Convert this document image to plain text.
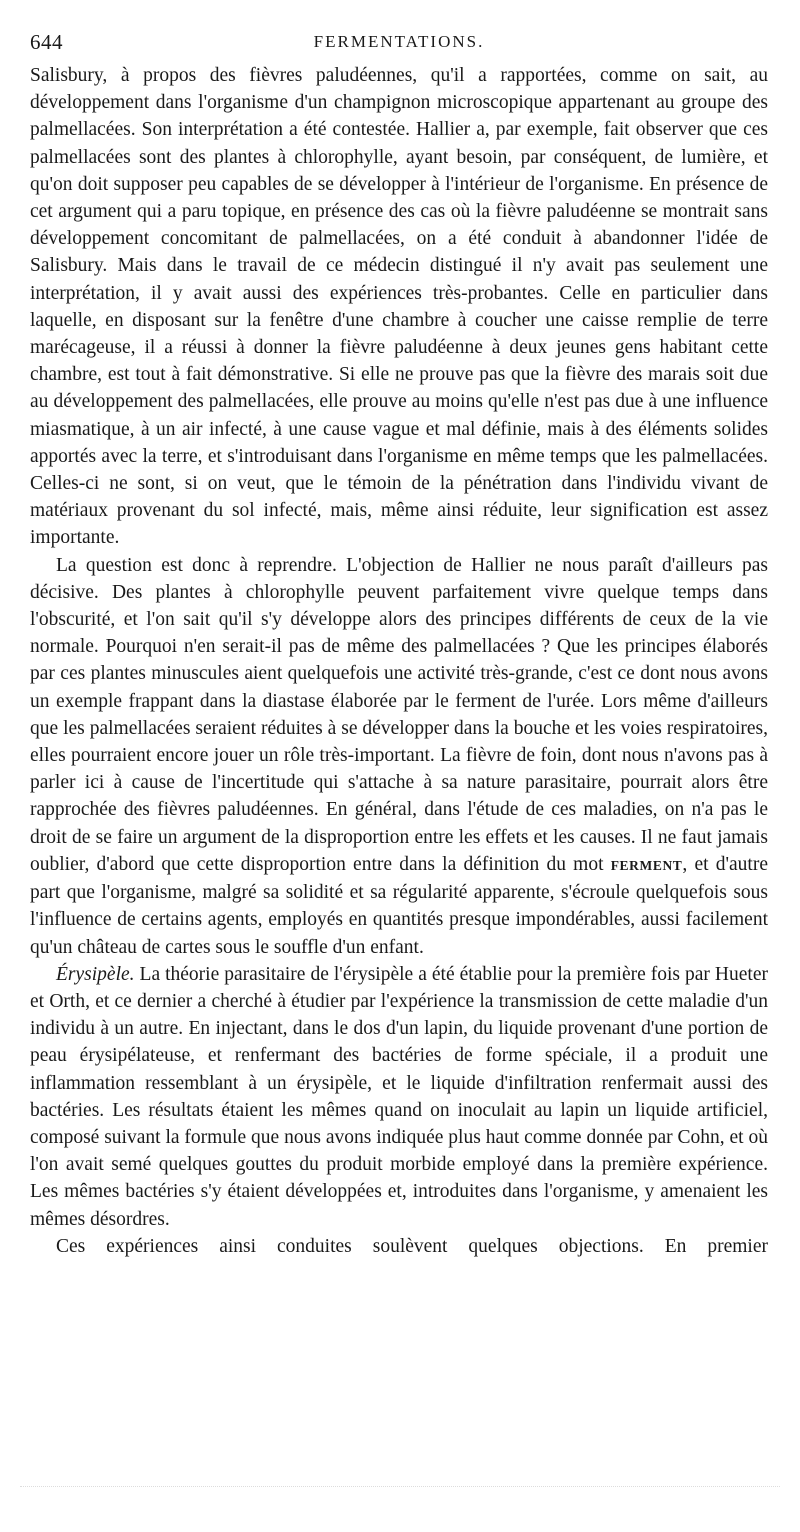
644	FERMENTATIONS.

Salisbury, à propos des fièvres paludéennes, qu'il a rapportées, comme on sait, au développement dans l'organisme d'un champignon microscopique appartenant au groupe des palmellacées. Son interprétation a été contestée. Hallier a, par exemple, fait observer que ces palmellacées sont des plantes à chlorophylle, ayant besoin, par conséquent, de lumière, et qu'on doit supposer peu capables de se développer à l'intérieur de l'organisme. En présence de cet argument qui a paru topique, en présence des cas où la fièvre paludéenne se montrait sans développement concomitant de palmellacées, on a été conduit à abandonner l'idée de Salisbury. Mais dans le travail de ce médecin distingué il n'y avait pas seulement une interprétation, il y avait aussi des expériences très-probantes. Celle en particulier dans laquelle, en disposant sur la fenêtre d'une chambre à coucher une caisse remplie de terre marécageuse, il a réussi à donner la fièvre paludéenne à deux jeunes gens habitant cette chambre, est tout à fait démonstrative. Si elle ne prouve pas que la fièvre des marais soit due au développement des palmellacées, elle prouve au moins qu'elle n'est pas due à une influence miasmatique, à un air infecté, à une cause vague et mal définie, mais à des éléments solides apportés avec la terre, et s'introduisant dans l'organisme en même temps que les palmellacées. Celles-ci ne sont, si on veut, que le témoin de la pénétration dans l'individu vivant de matériaux provenant du sol infecté, mais, même ainsi réduite, leur signification est assez importante.

La question est donc à reprendre. L'objection de Hallier ne nous paraît d'ailleurs pas décisive. Des plantes à chlorophylle peuvent parfaitement vivre quelque temps dans l'obscurité, et l'on sait qu'il s'y développe alors des principes différents de ceux de la vie normale. Pourquoi n'en serait-il pas de même des palmellacées ? Que les principes élaborés par ces plantes minuscules aient quelquefois une activité très-grande, c'est ce dont nous avons un exemple frappant dans la diastase élaborée par le ferment de l'urée. Lors même d'ailleurs que les palmellacées seraient réduites à se développer dans la bouche et les voies respiratoires, elles pourraient encore jouer un rôle très-important. La fièvre de foin, dont nous n'avons pas à parler ici à cause de l'incertitude qui s'attache à sa nature parasitaire, pourrait alors être rapprochée des fièvres paludéennes. En général, dans l'étude de ces maladies, on n'a pas le droit de se faire un argument de la disproportion entre les effets et les causes. Il ne faut jamais oublier, d'abord que cette disproportion entre dans la définition du mot FERMENT, et d'autre part que l'organisme, malgré sa solidité et sa régularité apparente, s'écroule quelquefois sous l'influence de certains agents, employés en quantités presque impondérables, aussi facilement qu'un château de cartes sous le souffle d'un enfant.

Érysipèle. La théorie parasitaire de l'érysipèle a été établie pour la première fois par Hueter et Orth, et ce dernier a cherché à étudier par l'expérience la transmission de cette maladie d'un individu à un autre. En injectant, dans le dos d'un lapin, du liquide provenant d'une portion de peau érysipélateuse, et renfermant des bactéries de forme spéciale, il a produit une inflammation ressemblant à un érysipèle, et le liquide d'infiltration renfermait aussi des bactéries. Les résultats étaient les mêmes quand on inoculait au lapin un liquide artificiel, composé suivant la formule que nous avons indiquée plus haut comme donnée par Cohn, et où l'on avait semé quelques gouttes du produit morbide employé dans la première expérience. Les mêmes bactéries s'y étaient développées et, introduites dans l'organisme, y amenaient les mêmes désordres.

Ces expériences ainsi conduites soulèvent quelques objections. En premier
